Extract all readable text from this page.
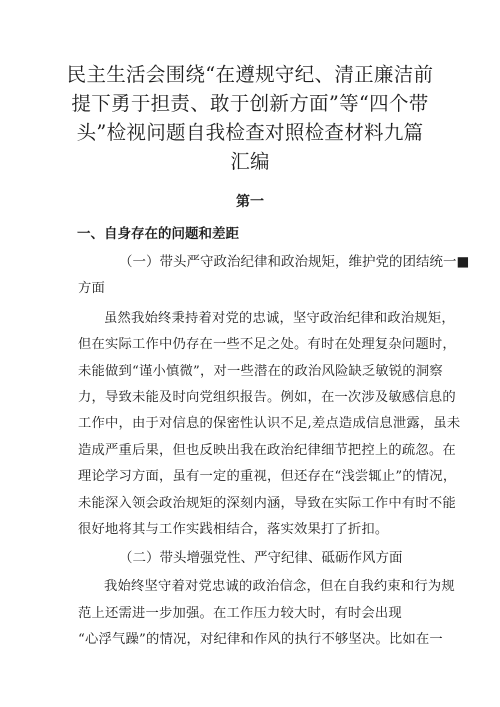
民主生活会围绕“在遵规守纪、清正廉洁前
提下勇于担责、敢于创新方面”等“四个带
头”检视问题自我检查对照检查材料九篇
汇编
第一
一、自身存在的问题和差距
（一）带头严守政治纪律和政治规矩，维护党的团结统一■
方面
虽然我始终秉持着对党的忠诚，坚守政治纪律和政治规矩，
但在实际工作中仍存在一些不足之处。有时在处理复杂问题时，
未能做到“谨小慎微”，对一些潜在的政治风险缺乏敏锐的洞察
力，导致未能及时向党组织报告。例如，在一次涉及敏感信息的
工作中，由于对信息的保密性认识不足,差点造成信息泄露，虽未
造成严重后果，但也反映出我在政治纪律细节把控上的疏忽。在
理论学习方面，虽有一定的重视，但还存在“浅尝辄止”的情况，
未能深入领会政治规矩的深刻内涵，导致在实际工作中有时不能
很好地将其与工作实践相结合，落实效果打了折扣。
（二）带头增强党性、严守纪律、砥砺作风方面
我始终坚守着对党忠诚的政治信念，但在自我约束和行为规
范上还需进一步加强。在工作压力较大时，有时会出现
“心浮气躁”的情况，对纪律和作风的执行不够坚决。比如在一
